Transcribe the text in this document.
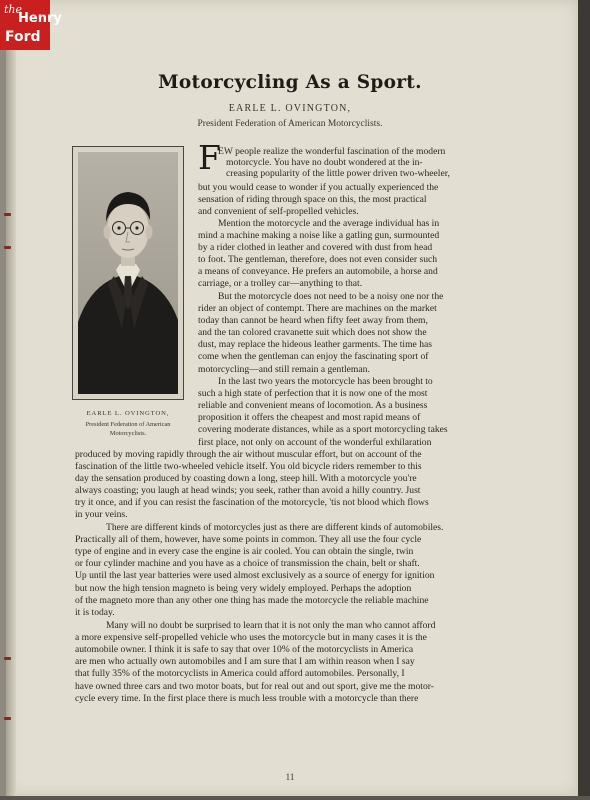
the
Henry
Ford
Motorcycling As a Sport.
EARLE L. OVINGTON,
President Federation of American Motorcyclists.
EARLE L. OVINGTON,
President Federation of American
Motorcyclists.
F
EW people realize the wonderful fascination of the modern
motorcycle. You have no doubt wondered at the in-
creasing popularity of the little power driven two-wheeler,
but you would cease to wonder if you actually experienced the
sensation of riding through space on this, the most practical
and convenient of self-propelled vehicles.
Mention the motorcycle and the average individual has in
mind a machine making a noise like a gatling gun, surmounted
by a rider clothed in leather and covered with dust from head
to foot. The gentleman, therefore, does not even consider such
a means of conveyance. He prefers an automobile, a horse and
carriage, or a trolley car—anything to that.
But the motorcycle does not need to be a noisy one nor the
rider an object of contempt. There are machines on the market
today than cannot be heard when fifty feet away from them,
and the tan colored cravanette suit which does not show the
dust, may replace the hideous leather garments. The time has
come when the gentleman can enjoy the fascinating sport of
motorcycling—and still remain a gentleman.
In the last two years the motorcycle has been brought to
such a high state of perfection that it is now one of the most
reliable and convenient means of locomotion. As a business
proposition it offers the cheapest and most rapid means of
covering moderate distances, while as a sport motorcycling takes
first place, not only on account of the wonderful exhilaration
produced by moving rapidly through the air without muscular effort, but on account of the
fascination of the little two-wheeled vehicle itself. You old bicycle riders remember to this
day the sensation produced by coasting down a long, steep hill. With a motorcycle you're
always coasting; you laugh at head winds; you seek, rather than avoid a hilly country. Just
try it once, and if you can resist the fascination of the motorcycle, 'tis not blood which flows
in your veins.
There are different kinds of motorcycles just as there are different kinds of automobiles.
Practically all of them, however, have some points in common. They all use the four cycle
type of engine and in every case the engine is air cooled. You can obtain the single, twin
or four cylinder machine and you have as a choice of transmission the chain, belt or shaft.
Up until the last year batteries were used almost exclusively as a source of energy for ignition
but now the high tension magneto is being very widely employed. Perhaps the adoption
of the magneto more than any other one thing has made the motorcycle the reliable machine
it is today.
Many will no doubt be surprised to learn that it is not only the man who cannot afford
a more expensive self-propelled vehicle who uses the motorcycle but in many cases it is the
automobile owner. I think it is safe to say that over 10% of the motorcyclists in America
are men who actually own automobiles and I am sure that I am within reason when I say
that fully 35% of the motorcyclists in America could afford automobiles. Personally, I
have owned three cars and two motor boats, but for real out and out sport, give me the motor-
cycle every time. In the first place there is much less trouble with a motorcycle than there
11
